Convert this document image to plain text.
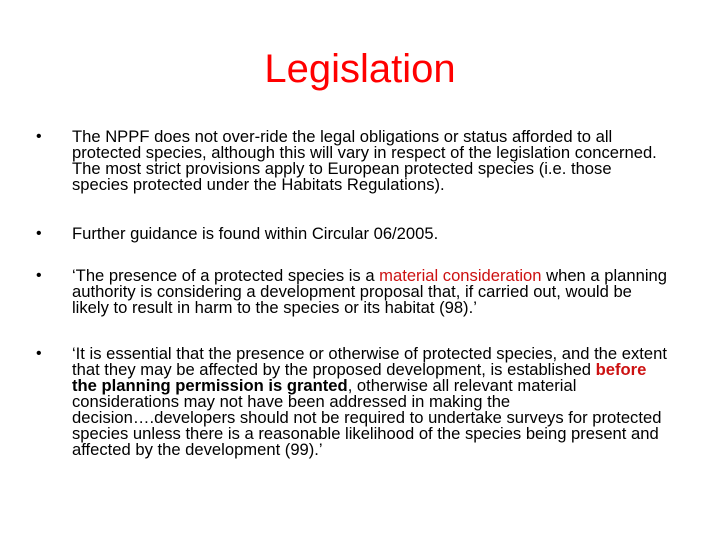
Legislation
• The NPPF does not over-ride the legal obligations or status afforded to all protected species, although this will vary in respect of the legislation concerned. The most strict provisions apply to European protected species (i.e. those species protected under the Habitats Regulations).
• Further guidance is found within Circular 06/2005.
• ‘The presence of a protected species is a material consideration when a planning authority is considering a development proposal that, if carried out, would be likely to result in harm to the species or its habitat (98).’
• ‘It is essential that the presence or otherwise of protected species, and the extent that they may be affected by the proposed development, is established before the planning permission is granted, otherwise all relevant material considerations may not have been addressed in making the decision….developers should not be required to undertake surveys for protected species unless there is a reasonable likelihood of the species being present and affected by the development (99).’
